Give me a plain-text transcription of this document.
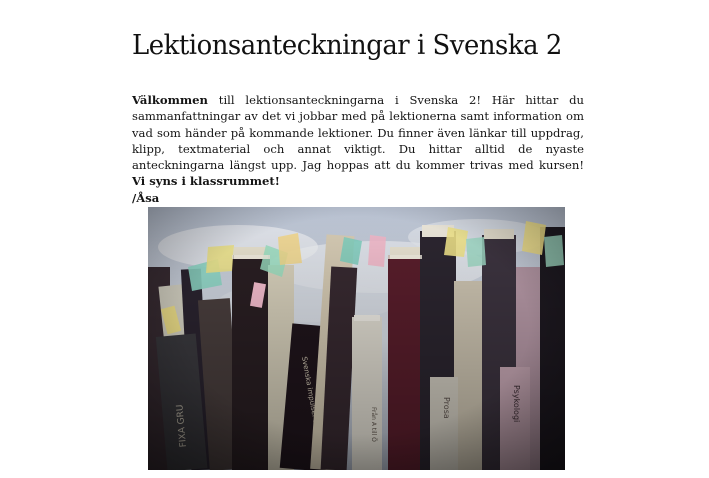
Lektionsanteckningar i Svenska 2

Välkommen till lektionsanteckningarna i Svenska 2! Här hittar du sammanfattningar av det vi jobbar med på lektionerna samt information om vad som händer på kommande lektioner. Du finner även länkar till uppdrag, klipp, textmaterial och annat viktigt. Du hittar alltid de nyaste anteckningarna längst upp. Jag hoppas att du kommer trivas med kursen! Vi syns i klassrummet!
/Åsa
